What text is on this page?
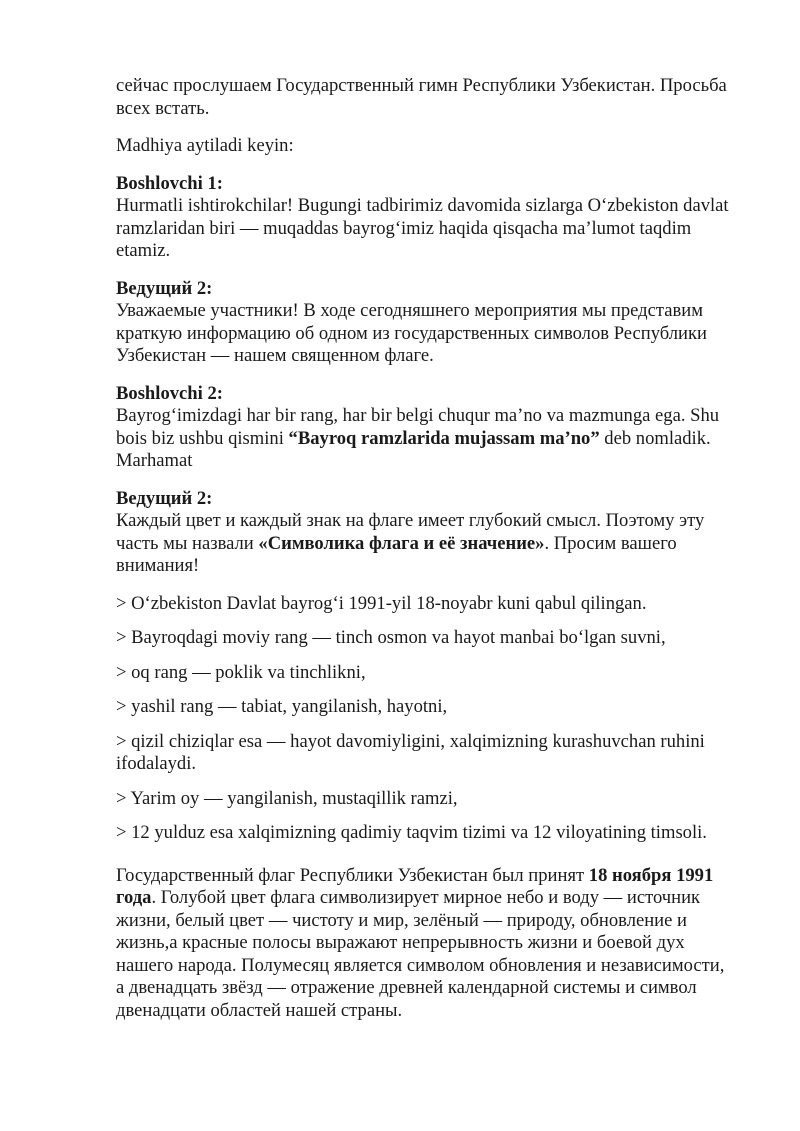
сейчас прослушаем Государственный гимн Республики Узбекистан. Просьба всех встать.

Madhiya aytiladi keyin:

Boshlovchi 1:

Hurmatli ishtirokchilar! Bugungi tadbirimiz davomida sizlarga O‘zbekiston davlat ramzlaridan biri — muqaddas bayrog‘imiz haqida qisqacha ma’lumot taqdim etamiz.

Ведущий 2:

Уважаемые участники! В ходе сегодняшнего мероприятия мы представим краткую информацию об одном из государственных символов Республики Узбекистан — нашем священном флаге.

Boshlovchi 2:

Bayrog‘imizdagi har bir rang, har bir belgi chuqur ma’no va mazmunga ega. Shu bois biz ushbu qismini “Bayroq ramzlarida mujassam ma’no” deb nomladik. Marhamat

Ведущий 2:

Каждый цвет и каждый знак на флаге имеет глубокий смысл. Поэтому эту часть мы назвали «Символика флага и её значение». Просим вашего внимания!

> O‘zbekiston Davlat bayrog‘i 1991-yil 18-noyabr kuni qabul qilingan.

> Bayroqdagi moviy rang — tinch osmon va hayot manbai bo‘lgan suvni,

> oq rang — poklik va tinchlikni,

> yashil rang — tabiat, yangilanish, hayotni,

> qizil chiziqlar esa — hayot davomiyligini, xalqimizning kurashuvchan ruhini ifodalaydi.

> Yarim oy — yangilanish, mustaqillik ramzi,

> 12 yulduz esa xalqimizning qadimiy taqvim tizimi va 12 viloyatining timsoli.

Государственный флаг Республики Узбекистан был принят 18 ноября 1991 года. Голубой цвет флага символизирует мирное небо и воду — источник жизни, белый цвет — чистоту и мир, зелёный — природу, обновление и жизнь,а красные полосы выражают непрерывность жизни и боевой дух нашего народа. Полумесяц является символом обновления и независимости, а двенадцать звёзд — отражение древней календарной системы и символ двенадцати областей нашей страны.
